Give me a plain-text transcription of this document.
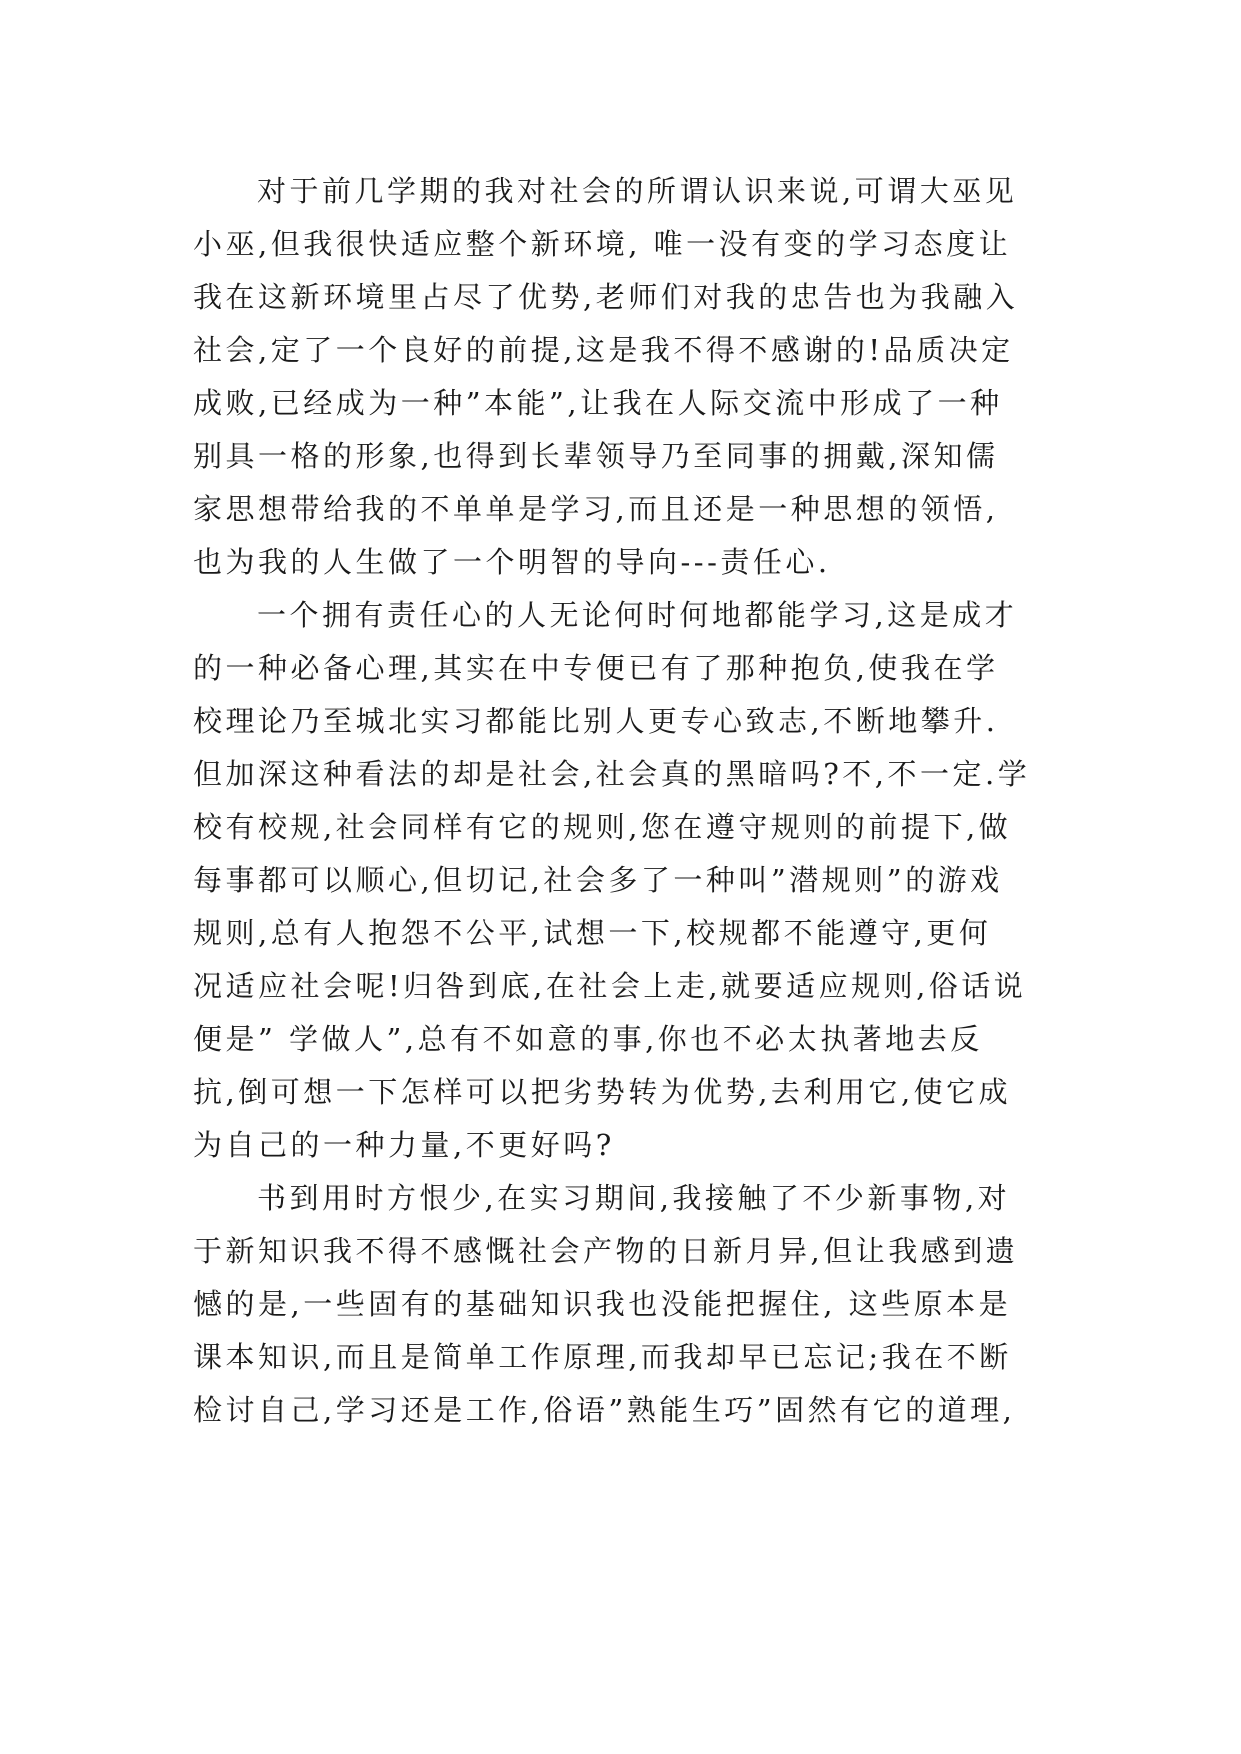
对于前几学期的我对社会的所谓认识来说,可谓大巫见
小巫,但我很快适应整个新环境, 唯一没有变的学习态度让
我在这新环境里占尽了优势,老师们对我的忠告也为我融入
社会,定了一个良好的前提,这是我不得不感谢的!品质决定
成败,已经成为一种”本能”,让我在人际交流中形成了一种
别具一格的形象,也得到长辈领导乃至同事的拥戴,深知儒
家思想带给我的不单单是学习,而且还是一种思想的领悟,
也为我的人生做了一个明智的导向---责任心.
一个拥有责任心的人无论何时何地都能学习,这是成才
的一种必备心理,其实在中专便已有了那种抱负,使我在学
校理论乃至城北实习都能比别人更专心致志,不断地攀升.
但加深这种看法的却是社会,社会真的黑暗吗?不,不一定.学
校有校规,社会同样有它的规则,您在遵守规则的前提下,做
每事都可以顺心,但切记,社会多了一种叫”潜规则”的游戏
规则,总有人抱怨不公平,试想一下,校规都不能遵守,更何
况适应社会呢!归咎到底,在社会上走,就要适应规则,俗话说
便是” 学做人”,总有不如意的事,你也不必太执著地去反
抗,倒可想一下怎样可以把劣势转为优势,去利用它,使它成
为自己的一种力量,不更好吗?
书到用时方恨少,在实习期间,我接触了不少新事物,对
于新知识我不得不感慨社会产物的日新月异,但让我感到遗
憾的是,一些固有的基础知识我也没能把握住, 这些原本是
课本知识,而且是简单工作原理,而我却早已忘记;我在不断
检讨自己,学习还是工作,俗语”熟能生巧”固然有它的道理,
